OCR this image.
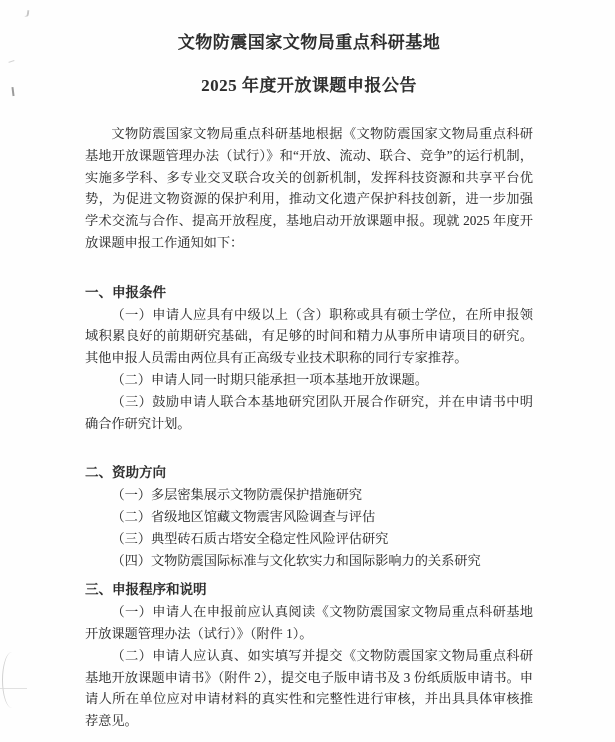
文物防震国家文物局重点科研基地
2025 年度开放课题申报公告

文物防震国家文物局重点科研基地根据《文物防震国家文物局重点科研基地开放课题管理办法（试行）》和“开放、流动、联合、竞争”的运行机制，实施多学科、多专业交叉联合攻关的创新机制，发挥科技资源和共享平台优势，为促进文物资源的保护利用，推动文化遗产保护科技创新，进一步加强学术交流与合作、提高开放程度，基地启动开放课题申报。现就 2025 年度开放课题申报工作通知如下：

一、申报条件

（一）申请人应具有中级以上（含）职称或具有硕士学位，在所申报领域积累良好的前期研究基础，有足够的时间和精力从事所申请项目的研究。其他申报人员需由两位具有正高级专业技术职称的同行专家推荐。

（二）申请人同一时期只能承担一项本基地开放课题。

（三）鼓励申请人联合本基地研究团队开展合作研究，并在申请书中明确合作研究计划。

二、资助方向

（一）多层密集展示文物防震保护措施研究

（二）省级地区馆藏文物震害风险调查与评估

（三）典型砖石质古塔安全稳定性风险评估研究

（四）文物防震国际标准与文化软实力和国际影响力的关系研究

三、申报程序和说明

（一）申请人在申报前应认真阅读《文物防震国家文物局重点科研基地开放课题管理办法（试行）》（附件 1）。

（二）申请人应认真、如实填写并提交《文物防震国家文物局重点科研基地开放课题申请书》（附件 2），提交电子版申请书及 3 份纸质版申请书。申请人所在单位应对申请材料的真实性和完整性进行审核，并出具具体审核推荐意见。
